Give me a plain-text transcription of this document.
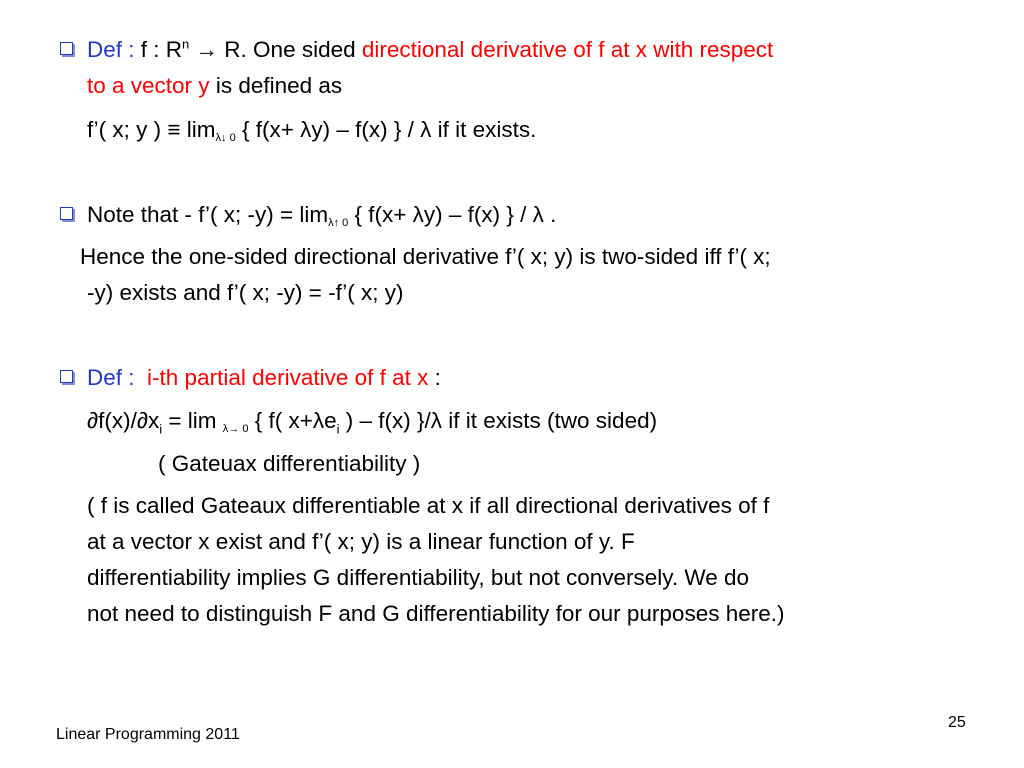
Def : f : $R^n \to R$. One sided directional derivative of f at x with respect
to a vector y is defined as
f’( x; y ) ≡ limλ↓ 0 { f(x+ λy) – f(x) } / λ if it exists.
Note that - f’( x; -y) = limλ↑ 0 { f(x+ λy) – f(x) } / λ .
Hence the one-sided directional derivative f’( x; y) is two-sided iff f’( x;
-y) exists and f’( x; -y) = -f’( x; y)
Def : i-th partial derivative of f at x :
$\partial f(x)/\partial x_i = \lim \lambda\to 0$ { f( $x+\lambda e_i$ ) – f(x) }/λ if it exists (two sided)
( Gateuax differentiability )
( f is called Gateaux differentiable at x if all directional derivatives of f
at a vector x exist and f’( x; y) is a linear function of y. F
differentiability implies G differentiability, but not conversely. We do
not need to distinguish F and G differentiability for our purposes here.)
Linear Programming 2011
25
